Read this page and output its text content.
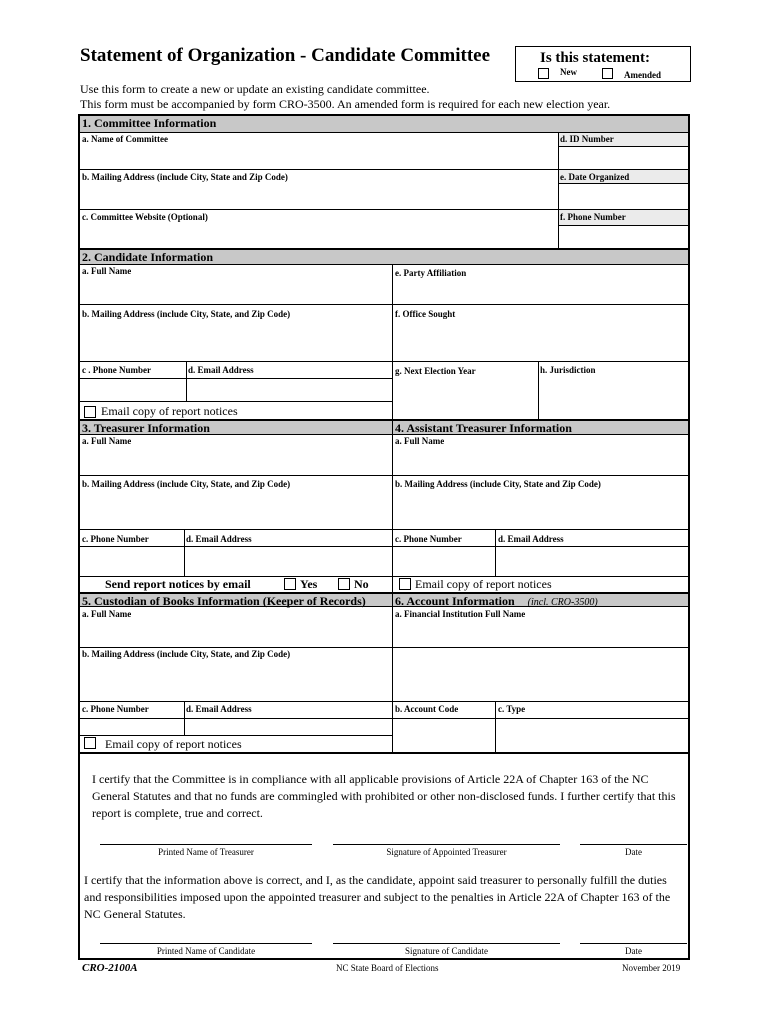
Statement of Organization - Candidate Committee	Is this statement:
New	Amended
Use this form to create a new or update an existing candidate committee.
This form must be accompanied by form CRO-3500. An amended form is required for each new election year.
1. Committee Information
a. Name of Committee	d. ID Number
b. Mailing Address (include City, State and Zip Code)	e. Date Organized
c. Committee Website (Optional)	f. Phone Number
2. Candidate Information
a. Full Name	e. Party Affiliation
b. Mailing Address (include City, State, and Zip Code)	f. Office Sought
c . Phone Number	d. Email Address	g. Next Election Year	h. Jurisdiction
Email copy of report notices
3. Treasurer Information	4. Assistant Treasurer Information
a. Full Name	a. Full Name
b. Mailing Address (include City, State, and Zip Code)	b. Mailing Address (include City, State and Zip Code)
c. Phone Number	d. Email Address	c. Phone Number	d. Email Address
Send report notices by email	Yes	No	Email copy of report notices
5. Custodian of Books Information (Keeper of Records)	6. Account Information (incl. CRO-3500)
a. Full Name	a. Financial Institution Full Name
b. Mailing Address (include City, State, and Zip Code)
c. Phone Number	d. Email Address	b. Account Code	c. Type
Email copy of report notices
I certify that the Committee is in compliance with all applicable provisions of Article 22A of Chapter 163 of the NC General Statutes and that no funds are commingled with prohibited or other non-disclosed funds. I further certify that this report is complete, true and correct.
Printed Name of Treasurer	Signature of Appointed Treasurer	Date
I certify that the information above is correct, and I, as the candidate, appoint said treasurer to personally fulfill the duties and responsibilities imposed upon the appointed treasurer and subject to the penalties in Article 22A of Chapter 163 of the NC General Statutes.
Printed Name of Candidate	Signature of Candidate	Date
CRO-2100A	NC State Board of Elections	November 2019
